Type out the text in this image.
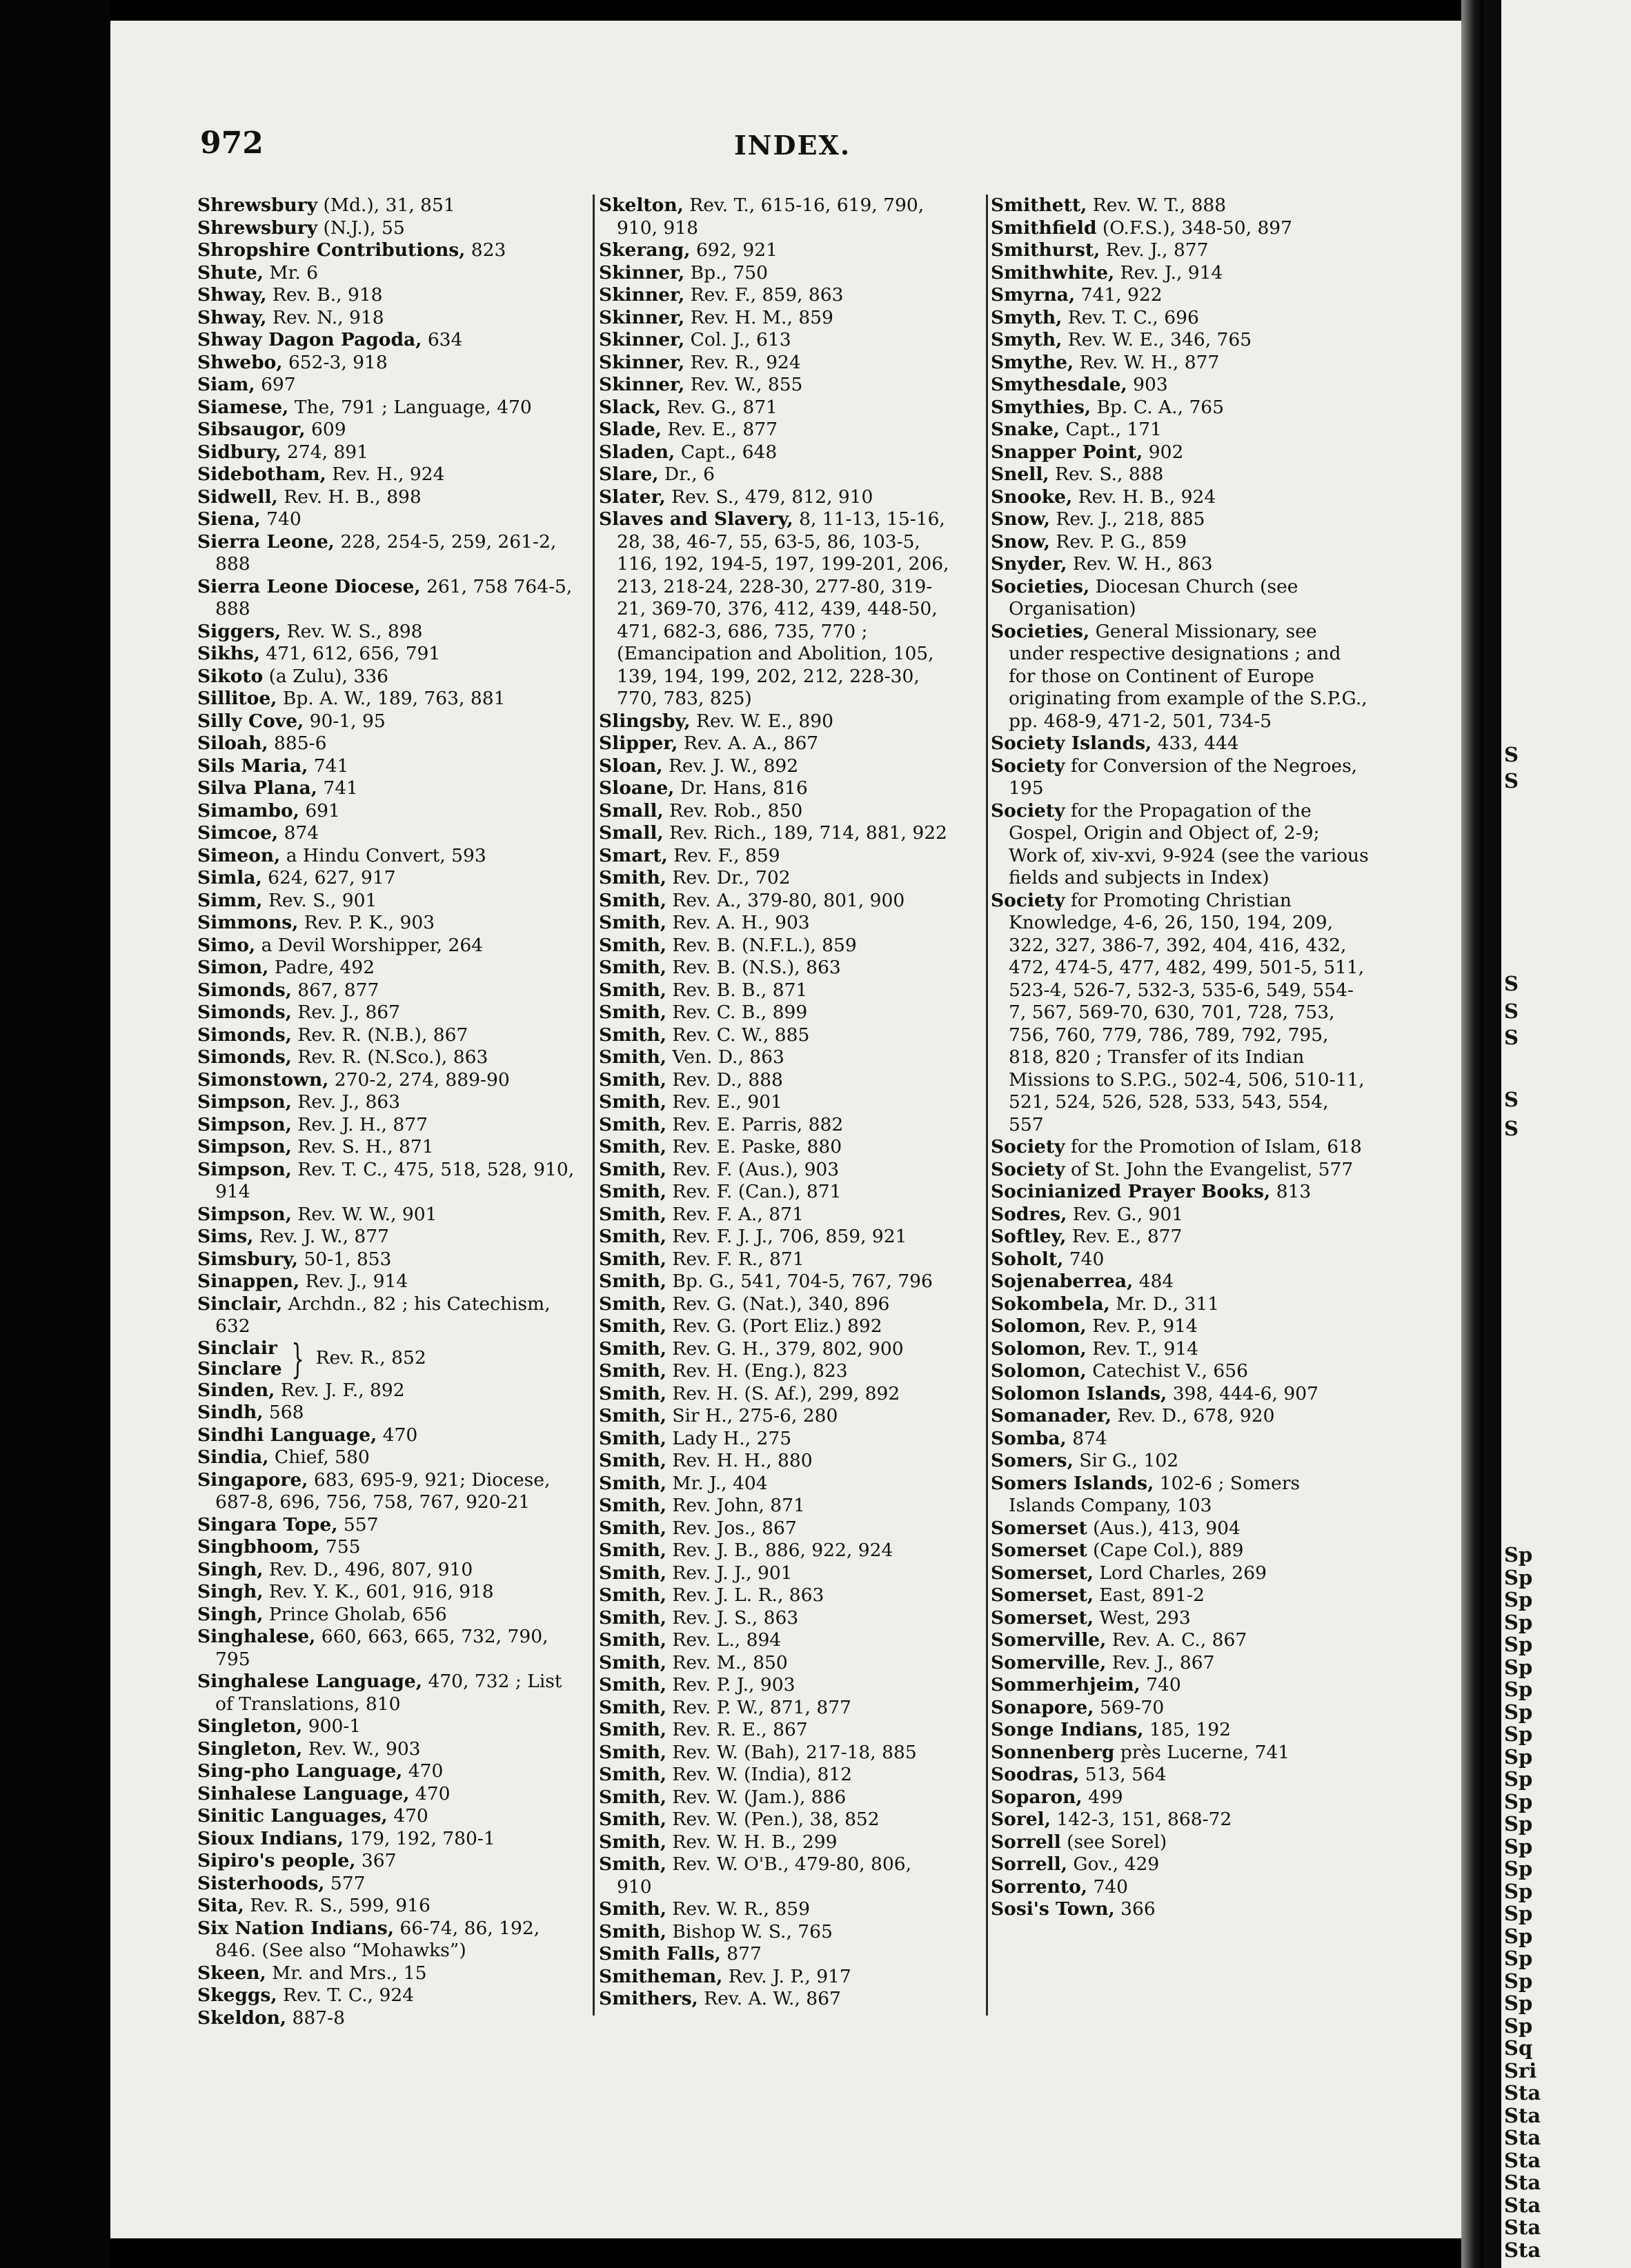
S
S
S
S
S
S
S
Sp
Sp
Sp
Sp
Sp
Sp
Sp
Sp
Sp
Sp
Sp
Sp
Sp
Sp
Sp
Sp
Sp
Sp
Sp
Sp
Sp
Sp
Sq
Sri
Sta
Sta
Sta
Sta
Sta
Sta
Sta
Sta
972	INDEX.
Shrewsbury (Md.), 31, 851
Shrewsbury (N.J.), 55
Shropshire Contributions, 823
Shute, Mr. 6
Shway, Rev. B., 918
Shway, Rev. N., 918
Shway Dagon Pagoda, 634
Shwebo, 652-3, 918
Siam, 697
Siamese, The, 791 ; Language, 470
Sibsaugor, 609
Sidbury, 274, 891
Sidebotham, Rev. H., 924
Sidwell, Rev. H. B., 898
Siena, 740
Sierra Leone, 228, 254-5, 259, 261-2, 888
Sierra Leone Diocese, 261, 758 764-5, 888
Siggers, Rev. W. S., 898
Sikhs, 471, 612, 656, 791
Sikoto (a Zulu), 336
Sillitoe, Bp. A. W., 189, 763, 881
Silly Cove, 90-1, 95
Siloah, 885-6
Sils Maria, 741
Silva Plana, 741
Simambo, 691
Simcoe, 874
Simeon, a Hindu Convert, 593
Simla, 624, 627, 917
Simm, Rev. S., 901
Simmons, Rev. P. K., 903
Simo, a Devil Worshipper, 264
Simon, Padre, 492
Simonds, 867, 877
Simonds, Rev. J., 867
Simonds, Rev. R. (N.B.), 867
Simonds, Rev. R. (N.Sco.), 863
Simonstown, 270-2, 274, 889-90
Simpson, Rev. J., 863
Simpson, Rev. J. H., 877
Simpson, Rev. S. H., 871
Simpson, Rev. T. C., 475, 518, 528, 910, 914
Simpson, Rev. W. W., 901
Sims, Rev. J. W., 877
Simsbury, 50-1, 853
Sinappen, Rev. J., 914
Sinclair, Archdn., 82 ; his Catechism, 632
Sinclair
Sinclare } Rev. R., 852
Sinden, Rev. J. F., 892
Sindh, 568
Sindhi Language, 470
Sindia, Chief, 580
Singapore, 683, 695-9, 921; Diocese, 687-8, 696, 756, 758, 767, 920-21
Singara Tope, 557
Singbhoom, 755
Singh, Rev. D., 496, 807, 910
Singh, Rev. Y. K., 601, 916, 918
Singh, Prince Gholab, 656
Singhalese, 660, 663, 665, 732, 790, 795
Singhalese Language, 470, 732 ; List of Translations, 810
Singleton, 900-1
Singleton, Rev. W., 903
Sing-pho Language, 470
Sinhalese Language, 470
Sinitic Languages, 470
Sioux Indians, 179, 192, 780-1
Sipiro's people, 367
Sisterhoods, 577
Sita, Rev. R. S., 599, 916
Six Nation Indians, 66-74, 86, 192, 846. (See also “Mohawks”)
Skeen, Mr. and Mrs., 15
Skeggs, Rev. T. C., 924
Skeldon, 887-8
Skelton, Rev. T., 615-16, 619, 790, 910, 918
Skerang, 692, 921
Skinner, Bp., 750
Skinner, Rev. F., 859, 863
Skinner, Rev. H. M., 859
Skinner, Col. J., 613
Skinner, Rev. R., 924
Skinner, Rev. W., 855
Slack, Rev. G., 871
Slade, Rev. E., 877
Sladen, Capt., 648
Slare, Dr., 6
Slater, Rev. S., 479, 812, 910
Slaves and Slavery, 8, 11-13, 15-16, 28, 38, 46-7, 55, 63-5, 86, 103-5, 116, 192, 194-5, 197, 199-201, 206, 213, 218-24, 228-30, 277-80, 319-21, 369-70, 376, 412, 439, 448-50, 471, 682-3, 686, 735, 770 ; (Emancipation and Abolition, 105, 139, 194, 199, 202, 212, 228-30, 770, 783, 825)
Slingsby, Rev. W. E., 890
Slipper, Rev. A. A., 867
Sloan, Rev. J. W., 892
Sloane, Dr. Hans, 816
Small, Rev. Rob., 850
Small, Rev. Rich., 189, 714, 881, 922
Smart, Rev. F., 859
Smith, Rev. Dr., 702
Smith, Rev. A., 379-80, 801, 900
Smith, Rev. A. H., 903
Smith, Rev. B. (N.F.L.), 859
Smith, Rev. B. (N.S.), 863
Smith, Rev. B. B., 871
Smith, Rev. C. B., 899
Smith, Rev. C. W., 885
Smith, Ven. D., 863
Smith, Rev. D., 888
Smith, Rev. E., 901
Smith, Rev. E. Parris, 882
Smith, Rev. E. Paske, 880
Smith, Rev. F. (Aus.), 903
Smith, Rev. F. (Can.), 871
Smith, Rev. F. A., 871
Smith, Rev. F. J. J., 706, 859, 921
Smith, Rev. F. R., 871
Smith, Bp. G., 541, 704-5, 767, 796
Smith, Rev. G. (Nat.), 340, 896
Smith, Rev. G. (Port Eliz.) 892
Smith, Rev. G. H., 379, 802, 900
Smith, Rev. H. (Eng.), 823
Smith, Rev. H. (S. Af.), 299, 892
Smith, Sir H., 275-6, 280
Smith, Lady H., 275
Smith, Rev. H. H., 880
Smith, Mr. J., 404
Smith, Rev. John, 871
Smith, Rev. Jos., 867
Smith, Rev. J. B., 886, 922, 924
Smith, Rev. J. J., 901
Smith, Rev. J. L. R., 863
Smith, Rev. J. S., 863
Smith, Rev. L., 894
Smith, Rev. M., 850
Smith, Rev. P. J., 903
Smith, Rev. P. W., 871, 877
Smith, Rev. R. E., 867
Smith, Rev. W. (Bah), 217-18, 885
Smith, Rev. W. (India), 812
Smith, Rev. W. (Jam.), 886
Smith, Rev. W. (Pen.), 38, 852
Smith, Rev. W. H. B., 299
Smith, Rev. W. O'B., 479-80, 806, 910
Smith, Rev. W. R., 859
Smith, Bishop W. S., 765
Smith Falls, 877
Smitheman, Rev. J. P., 917
Smithers, Rev. A. W., 867
Smithett, Rev. W. T., 888
Smithfield (O.F.S.), 348-50, 897
Smithurst, Rev. J., 877
Smithwhite, Rev. J., 914
Smyrna, 741, 922
Smyth, Rev. T. C., 696
Smyth, Rev. W. E., 346, 765
Smythe, Rev. W. H., 877
Smythesdale, 903
Smythies, Bp. C. A., 765
Snake, Capt., 171
Snapper Point, 902
Snell, Rev. S., 888
Snooke, Rev. H. B., 924
Snow, Rev. J., 218, 885
Snow, Rev. P. G., 859
Snyder, Rev. W. H., 863
Societies, Diocesan Church (see Organisation)
Societies, General Missionary, see under respective designations ; and for those on Continent of Europe originating from example of the S.P.G., pp. 468-9, 471-2, 501, 734-5
Society Islands, 433, 444
Society for Conversion of the Negroes, 195
Society for the Propagation of the Gospel, Origin and Object of, 2-9; Work of, xiv-xvi, 9-924 (see the various fields and subjects in Index)
Society for Promoting Christian Knowledge, 4-6, 26, 150, 194, 209, 322, 327, 386-7, 392, 404, 416, 432, 472, 474-5, 477, 482, 499, 501-5, 511, 523-4, 526-7, 532-3, 535-6, 549, 554-7, 567, 569-70, 630, 701, 728, 753, 756, 760, 779, 786, 789, 792, 795, 818, 820 ; Transfer of its Indian Missions to S.P.G., 502-4, 506, 510-11, 521, 524, 526, 528, 533, 543, 554, 557
Society for the Promotion of Islam, 618
Society of St. John the Evangelist, 577
Socinianized Prayer Books, 813
Sodres, Rev. G., 901
Softley, Rev. E., 877
Soholt, 740
Sojenaberrea, 484
Sokombela, Mr. D., 311
Solomon, Rev. P., 914
Solomon, Rev. T., 914
Solomon, Catechist V., 656
Solomon Islands, 398, 444-6, 907
Somanader, Rev. D., 678, 920
Somba, 874
Somers, Sir G., 102
Somers Islands, 102-6 ; Somers Islands Company, 103
Somerset (Aus.), 413, 904
Somerset (Cape Col.), 889
Somerset, Lord Charles, 269
Somerset, East, 891-2
Somerset, West, 293
Somerville, Rev. A. C., 867
Somerville, Rev. J., 867
Sommerhjeim, 740
Sonapore, 569-70
Songe Indians, 185, 192
Sonnenberg près Lucerne, 741
Soodras, 513, 564
Soparon, 499
Sorel, 142-3, 151, 868-72
Sorrell (see Sorel)
Sorrell, Gov., 429
Sorrento, 740
Sosi's Town, 366
